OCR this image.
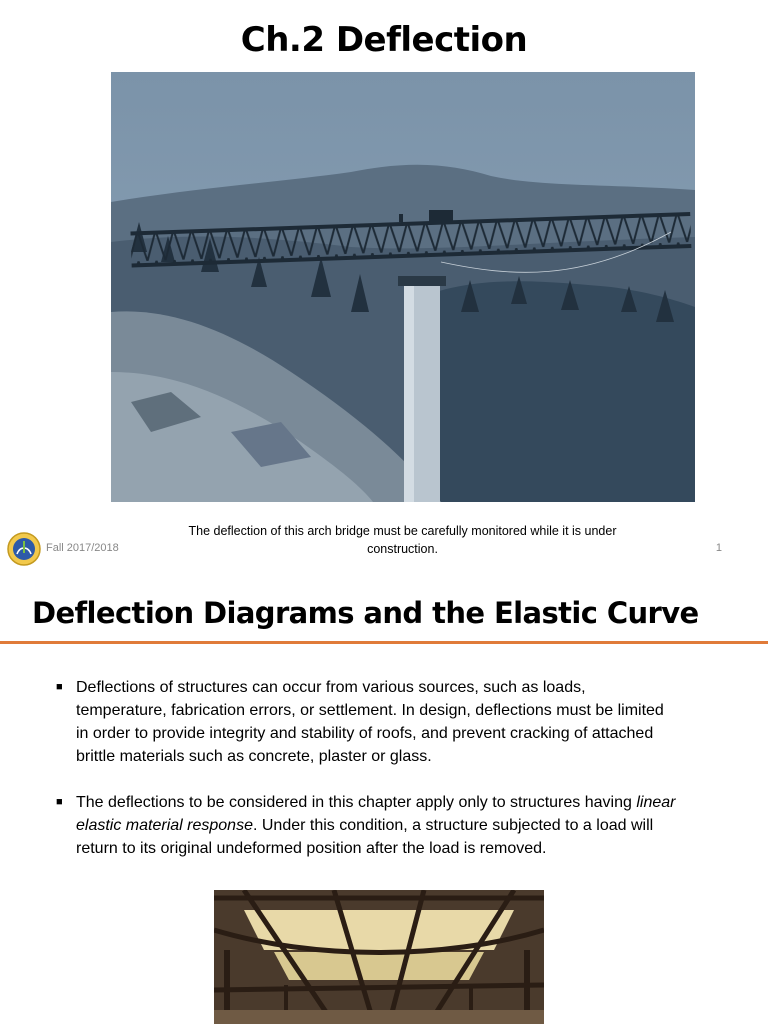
Ch.2 Deflection
The deflection of this arch bridge must be carefully monitored while it is under construction.
Fall 2017/2018	1
Deflection Diagrams and the Elastic Curve
■ Deflections of structures can occur from various sources, such as loads, temperature, fabrication errors, or settlement. In design, deflections must be limited in order to provide integrity and stability of roofs, and prevent cracking of attached brittle materials such as concrete, plaster or glass.
■ The deflections to be considered in this chapter apply only to structures having linear elastic material response. Under this condition, a structure subjected to a load will return to its original undeformed position after the load is removed.
